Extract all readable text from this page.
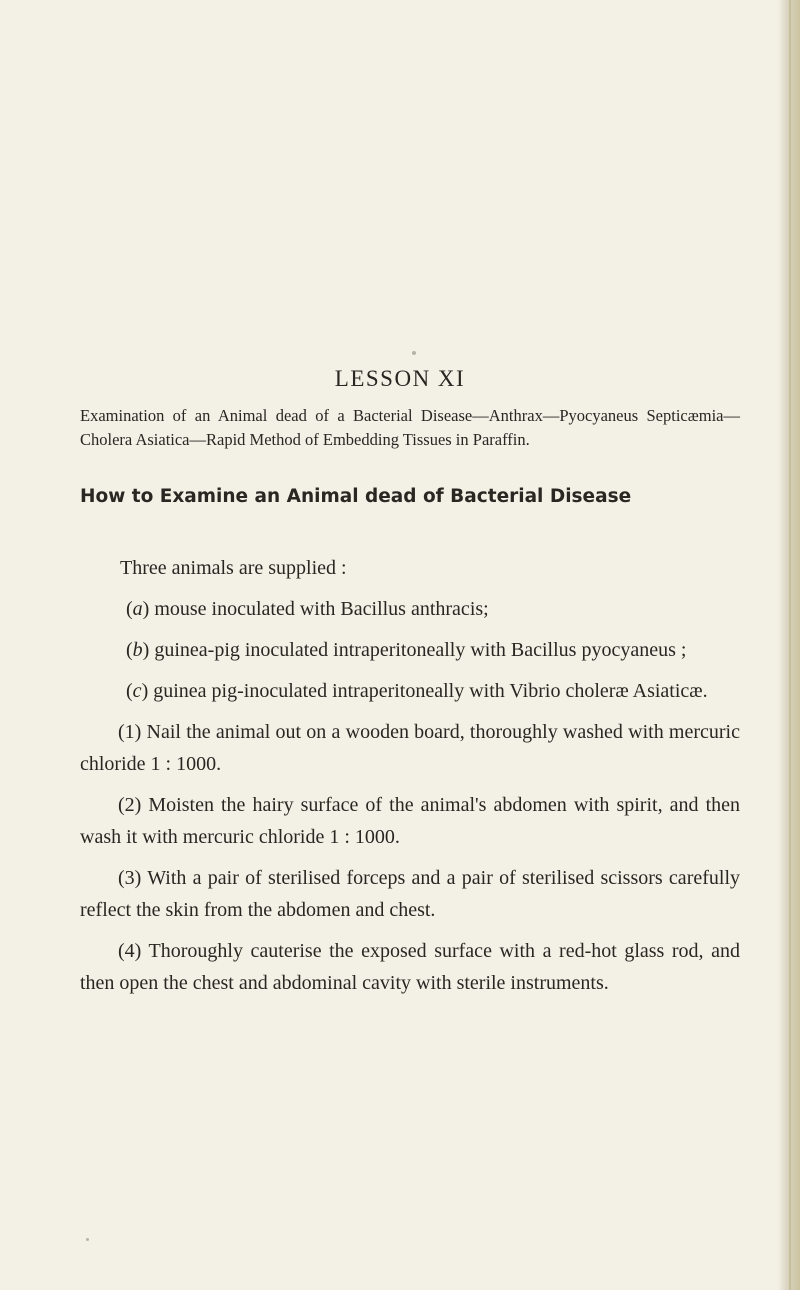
LESSON XI

Examination of an Animal dead of a Bacterial Disease—Anthrax—Pyocyaneus Septicæmia—Cholera Asiatica—Rapid Method of Embedding Tissues in Paraffin.

How to Examine an Animal dead of Bacterial Disease

Three animals are supplied :

(a) mouse inoculated with Bacillus anthracis;

(b) guinea-pig inoculated intraperitoneally with Bacillus pyocyaneus ;

(c) guinea pig-inoculated intraperitoneally with Vibrio choleræ Asiaticæ.

(1) Nail the animal out on a wooden board, thoroughly washed with mercuric chloride 1 : 1000.

(2) Moisten the hairy surface of the animal's abdomen with spirit, and then wash it with mercuric chloride 1 : 1000.

(3) With a pair of sterilised forceps and a pair of sterilised scissors carefully reflect the skin from the abdomen and chest.

(4) Thoroughly cauterise the exposed surface with a red-hot glass rod, and then open the chest and abdominal cavity with sterile instruments.
